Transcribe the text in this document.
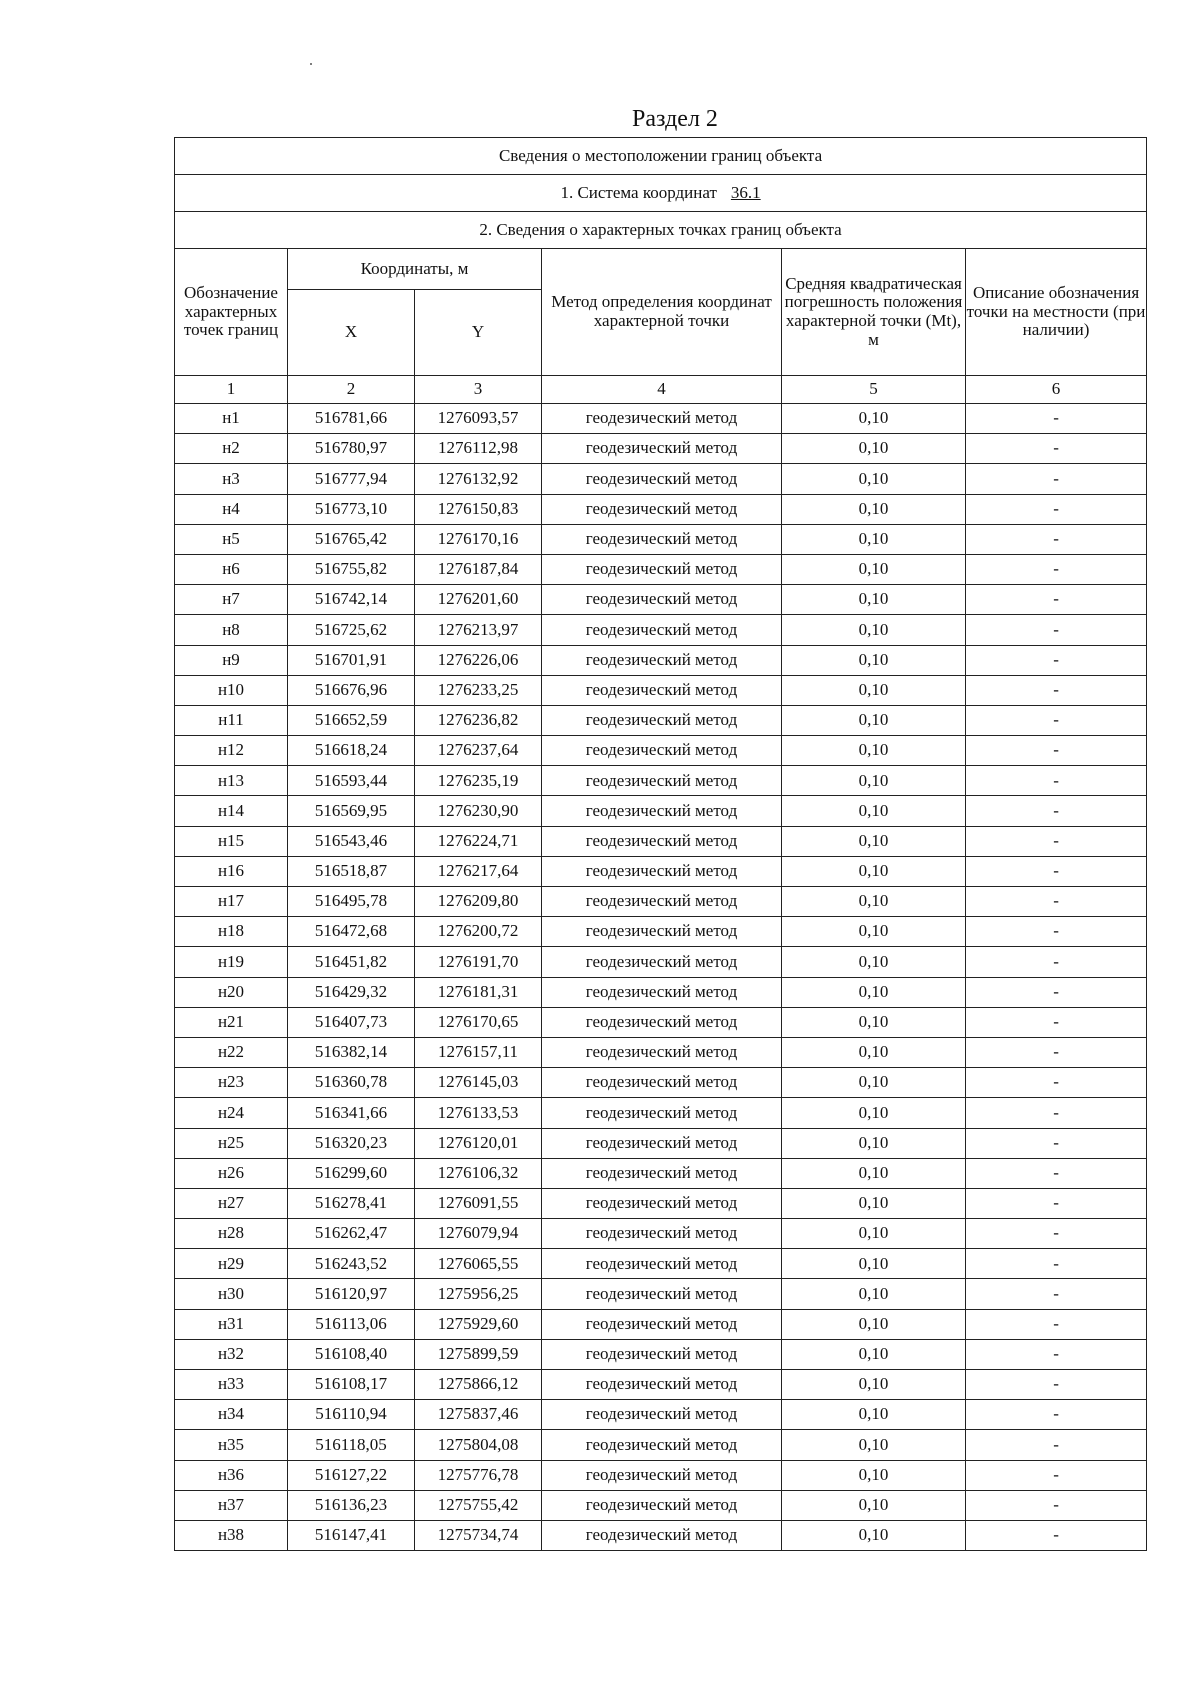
Раздел 2
Сведения о местоположении границ объекта					
1. Система координат 36.1					
2. Сведения о характерных точках границ объекта					
Обозначение характерных точек границ	Координаты, м		Метод определения координат характерной точки	Средняя квадратическая погрешность положения характерной точки (Mt), м	Описание обозначения точки на местности (при наличии)
	X	Y			
1	2	3	4	5	6
н1	516781,66	1276093,57	геодезический метод	0,10	-
н2	516780,97	1276112,98	геодезический метод	0,10	-
н3	516777,94	1276132,92	геодезический метод	0,10	-
н4	516773,10	1276150,83	геодезический метод	0,10	-
н5	516765,42	1276170,16	геодезический метод	0,10	-
н6	516755,82	1276187,84	геодезический метод	0,10	-
н7	516742,14	1276201,60	геодезический метод	0,10	-
н8	516725,62	1276213,97	геодезический метод	0,10	-
н9	516701,91	1276226,06	геодезический метод	0,10	-
н10	516676,96	1276233,25	геодезический метод	0,10	-
н11	516652,59	1276236,82	геодезический метод	0,10	-
н12	516618,24	1276237,64	геодезический метод	0,10	-
н13	516593,44	1276235,19	геодезический метод	0,10	-
н14	516569,95	1276230,90	геодезический метод	0,10	-
н15	516543,46	1276224,71	геодезический метод	0,10	-
н16	516518,87	1276217,64	геодезический метод	0,10	-
н17	516495,78	1276209,80	геодезический метод	0,10	-
н18	516472,68	1276200,72	геодезический метод	0,10	-
н19	516451,82	1276191,70	геодезический метод	0,10	-
н20	516429,32	1276181,31	геодезический метод	0,10	-
н21	516407,73	1276170,65	геодезический метод	0,10	-
н22	516382,14	1276157,11	геодезический метод	0,10	-
н23	516360,78	1276145,03	геодезический метод	0,10	-
н24	516341,66	1276133,53	геодезический метод	0,10	-
н25	516320,23	1276120,01	геодезический метод	0,10	-
н26	516299,60	1276106,32	геодезический метод	0,10	-
н27	516278,41	1276091,55	геодезический метод	0,10	-
н28	516262,47	1276079,94	геодезический метод	0,10	-
н29	516243,52	1276065,55	геодезический метод	0,10	-
н30	516120,97	1275956,25	геодезический метод	0,10	-
н31	516113,06	1275929,60	геодезический метод	0,10	-
н32	516108,40	1275899,59	геодезический метод	0,10	-
н33	516108,17	1275866,12	геодезический метод	0,10	-
н34	516110,94	1275837,46	геодезический метод	0,10	-
н35	516118,05	1275804,08	геодезический метод	0,10	-
н36	516127,22	1275776,78	геодезический метод	0,10	-
н37	516136,23	1275755,42	геодезический метод	0,10	-
н38	516147,41	1275734,74	геодезический метод	0,10	-
